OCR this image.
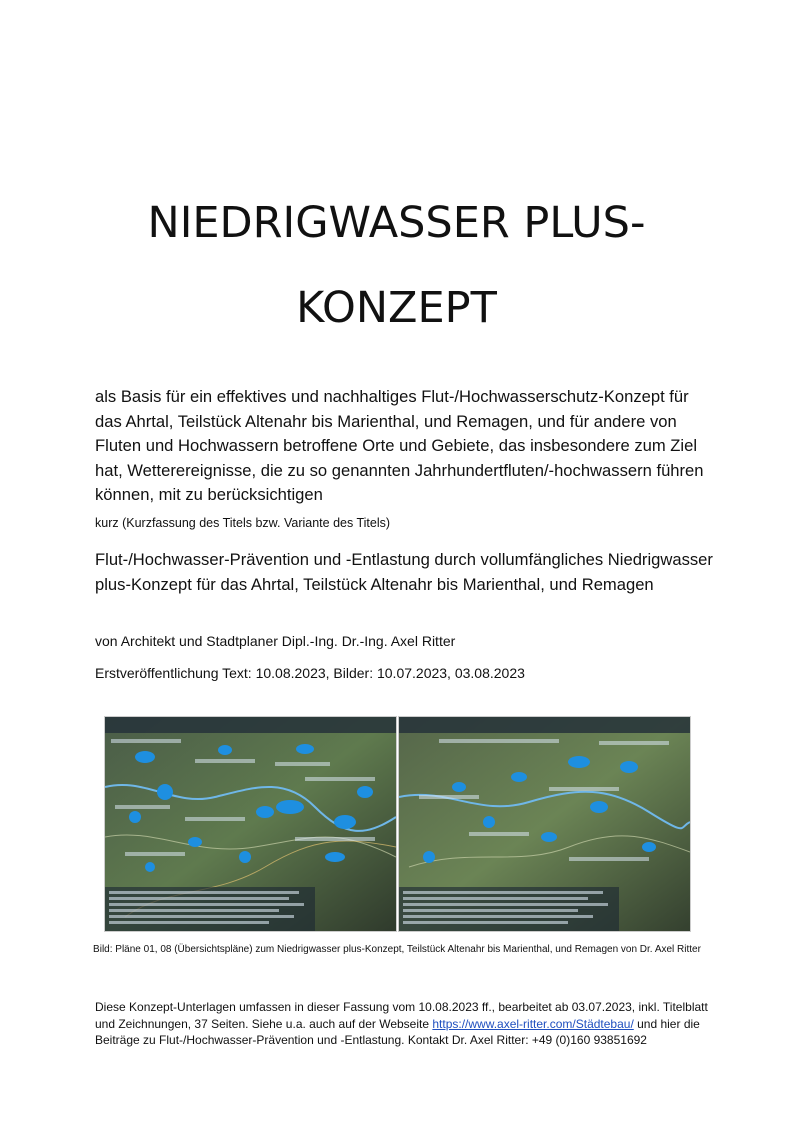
NIEDRIGWASSER PLUS-
KONZEPT

als Basis für ein effektives und nachhaltiges Flut-/Hochwasserschutz-Konzept für das Ahrtal, Teilstück Altenahr bis Marienthal, und Remagen, und für andere von Fluten und Hochwassern betroffene Orte und Gebiete, das insbesondere zum Ziel hat, Wetterereignisse, die zu so genannten Jahrhundertfluten/-hochwassern führen können, mit zu berücksichtigen

kurz (Kurzfassung des Titels bzw. Variante des Titels)

Flut-/Hochwasser-Prävention und -Entlastung durch vollumfängliches Niedrigwasser plus-Konzept für das Ahrtal, Teilstück Altenahr bis Marienthal, und Remagen

von Architekt und Stadtplaner Dipl.-Ing. Dr.-Ing. Axel Ritter

Erstveröffentlichung Text: 10.08.2023, Bilder: 10.07.2023, 03.08.2023

Bild: Pläne 01, 08 (Übersichtspläne) zum Niedrigwasser plus-Konzept, Teilstück Altenahr bis Marienthal, und Remagen von Dr. Axel Ritter

Diese Konzept-Unterlagen umfassen in dieser Fassung vom 10.08.2023 ff., bearbeitet ab 03.07.2023, inkl. Titelblatt und Zeichnungen, 37 Seiten. Siehe u.a. auch auf der Webseite https://www.axel-ritter.com/Städtebau/ und hier die Beiträge zu Flut-/Hochwasser-Prävention und -Entlastung. Kontakt Dr. Axel Ritter: +49 (0)160 93851692
